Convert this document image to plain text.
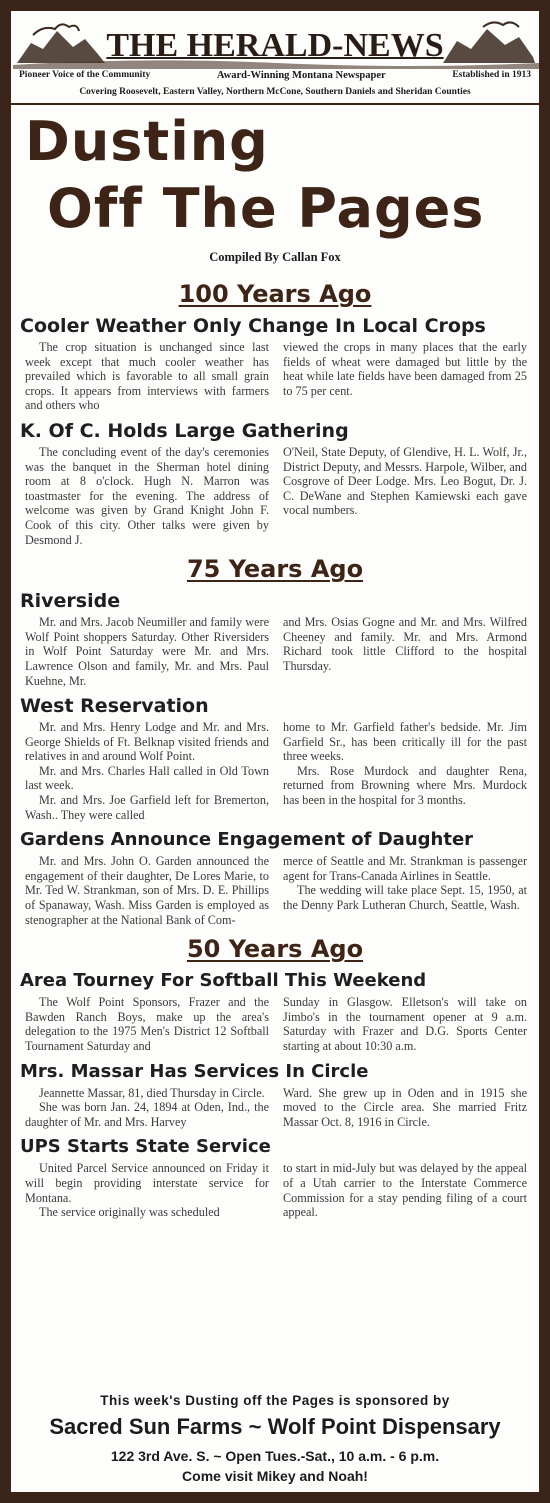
THE HERALD-NEWS
Pioneer Voice of the Community	Award-Winning Montana Newspaper	Established in 1913
Covering Roosevelt, Eastern Valley, Northern McCone, Southern Daniels and Sheridan Counties
Dusting
Off The Pages
Compiled By Callan Fox
100 Years Ago
Cooler Weather Only Change In Local Crops

The crop situation is unchanged since last week except that much cooler weather has prevailed which is favorable to all small grain crops. It appears from interviews with farmers and others who

viewed the crops in many places that the early fields of wheat were damaged but little by the heat while late fields have been damaged from 25 to 75 per cent.

K. Of C. Holds Large Gathering

The concluding event of the day's ceremonies was the banquet in the Sherman hotel dining room at 8 o'clock. Hugh N. Marron was toastmaster for the evening. The address of welcome was given by Grand Knight John F. Cook of this city. Other talks were given by Desmond J.

O'Neil, State Deputy, of Glendive, H. L. Wolf, Jr., District Deputy, and Messrs. Harpole, Wilber, and Cosgrove of Deer Lodge. Mrs. Leo Bogut, Dr. J. C. DeWane and Stephen Kamiewski each gave vocal numbers.

75 Years Ago
Riverside

Mr. and Mrs. Jacob Neumiller and family were Wolf Point shoppers Saturday. Other Riversiders in Wolf Point Saturday were Mr. and Mrs. Lawrence Olson and family, Mr. and Mrs. Paul Kuehne, Mr.

and Mrs. Osias Gogne and Mr. and Mrs. Wilfred Cheeney and family. Mr. and Mrs. Armond Richard took little Clifford to the hospital Thursday.

West Reservation

Mr. and Mrs. Henry Lodge and Mr. and Mrs. George Shields of Ft. Belknap visited friends and relatives in and around Wolf Point.

Mr. and Mrs. Charles Hall called in Old Town last week.

Mr. and Mrs. Joe Garfield left for Bremerton, Wash.. They were called

home to Mr. Garfield father's bedside. Mr. Jim Garfield Sr., has been critically ill for the past three weeks.

Mrs. Rose Murdock and daughter Rena, returned from Browning where Mrs. Murdock has been in the hospital for 3 months.

Gardens Announce Engagement of Daughter

Mr. and Mrs. John O. Garden announced the engagement of their daughter, De Lores Marie, to Mr. Ted W. Strankman, son of Mrs. D. E. Phillips of Spanaway, Wash. Miss Garden is employed as stenographer at the National Bank of Com-

merce of Seattle and Mr. Strankman is passenger agent for Trans-Canada Airlines in Seattle.

The wedding will take place Sept. 15, 1950, at the Denny Park Lutheran Church, Seattle, Wash.

50 Years Ago
Area Tourney For Softball This Weekend

The Wolf Point Sponsors, Frazer and the Bawden Ranch Boys, make up the area's delegation to the 1975 Men's District 12 Softball Tournament Saturday and

Sunday in Glasgow. Elletson's will take on Jimbo's in the tournament opener at 9 a.m. Saturday with Frazer and D.G. Sports Center starting at about 10:30 a.m.

Mrs. Massar Has Services In Circle

Jeannette Massar, 81, died Thursday in Circle.

She was born Jan. 24, 1894 at Oden, Ind., the daughter of Mr. and Mrs. Harvey

Ward. She grew up in Oden and in 1915 she moved to the Circle area. She married Fritz Massar Oct. 8, 1916 in Circle.

UPS Starts State Service

United Parcel Service announced on Friday it will begin providing interstate service for Montana.

The service originally was scheduled

to start in mid-July but was delayed by the appeal of a Utah carrier to the Interstate Commerce Commission for a stay pending filing of a court appeal.

This week's Dusting off the Pages is sponsored by
Sacred Sun Farms ~ Wolf Point Dispensary
122 3rd Ave. S. ~ Open Tues.-Sat., 10 a.m. - 6 p.m.
Come visit Mikey and Noah!
